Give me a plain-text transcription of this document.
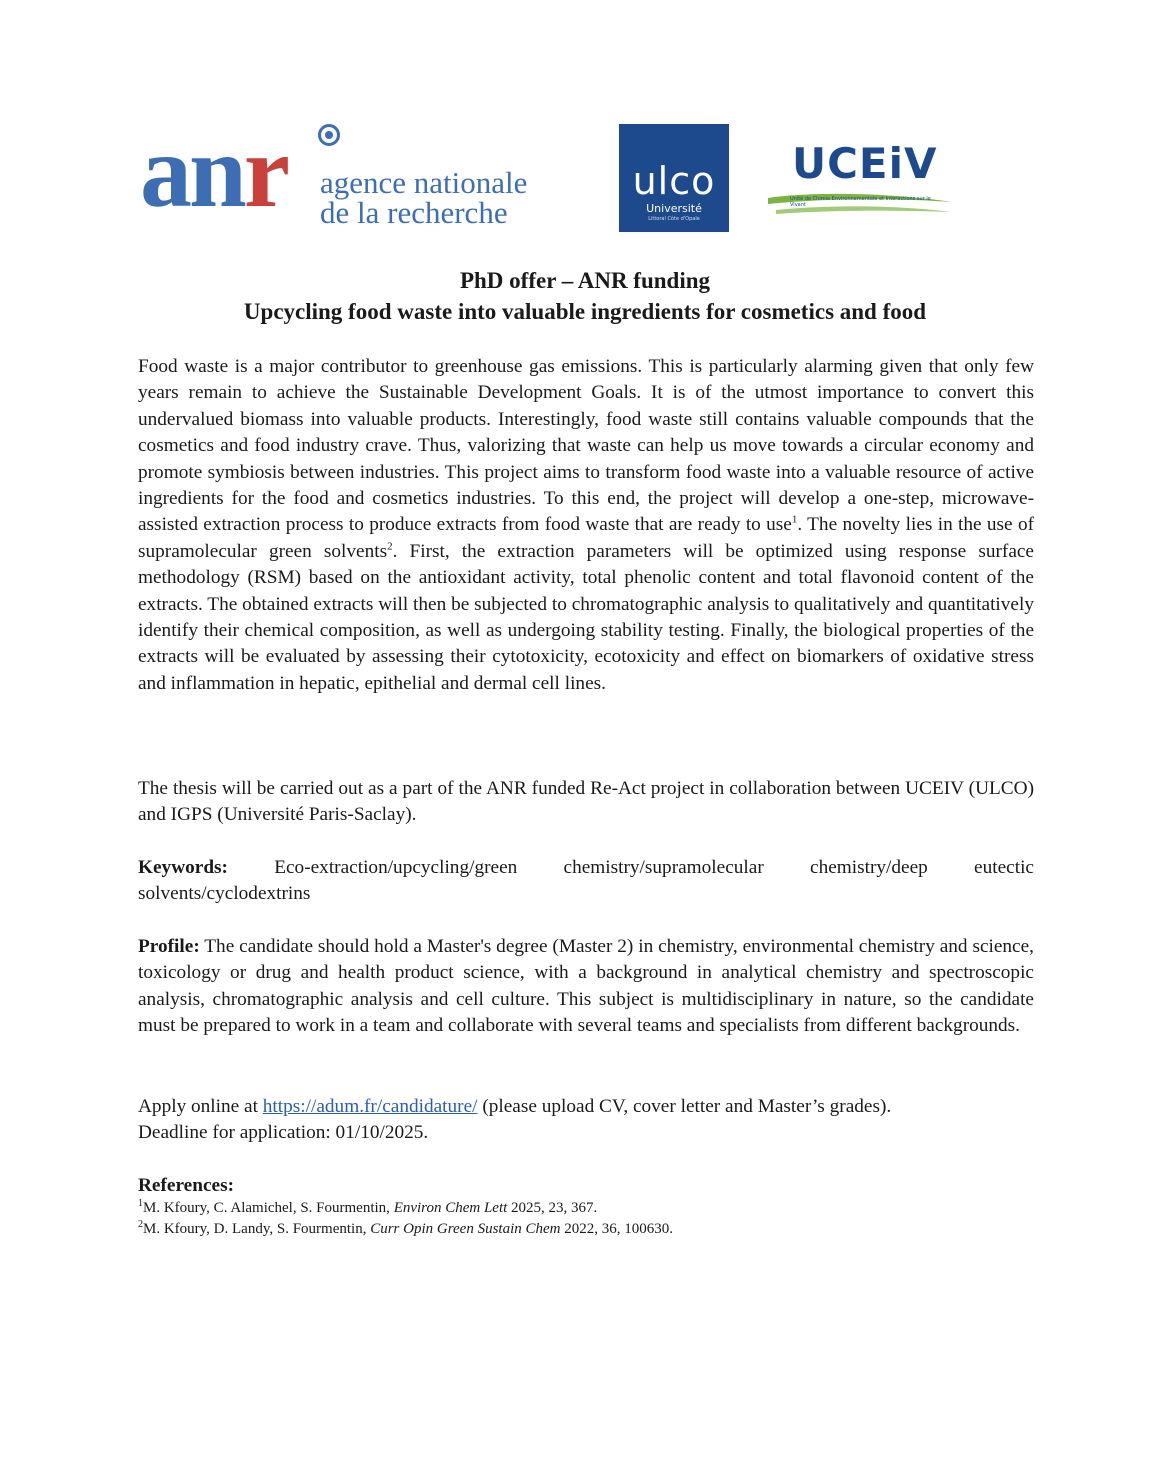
anr agence nationale
de la recherche
ulco
Université
Littoral Côte d'Opale
UCEiV
Unité de Chimie Environnementale et Interactions sur le Vivant
PhD offer – ANR funding
Upcycling food waste into valuable ingredients for cosmetics and food
Food waste is a major contributor to greenhouse gas emissions. This is particularly alarming given that only few years remain to achieve the Sustainable Development Goals. It is of the utmost importance to convert this undervalued biomass into valuable products. Interestingly, food waste still contains valuable compounds that the cosmetics and food industry crave. Thus, valorizing that waste can help us move towards a circular economy and promote symbiosis between industries. This project aims to transform food waste into a valuable resource of active ingredients for the food and cosmetics industries. To this end, the project will develop a one-step, microwave-assisted extraction process to produce extracts from food waste that are ready to use$^1$. The novelty lies in the use of supramolecular green solvents$^2$. First, the extraction parameters will be optimized using response surface methodology (RSM) based on the antioxidant activity, total phenolic content and total flavonoid content of the extracts. The obtained extracts will then be subjected to chromatographic analysis to qualitatively and quantitatively identify their chemical composition, as well as undergoing stability testing. Finally, the biological properties of the extracts will be evaluated by assessing their cytotoxicity, ecotoxicity and effect on biomarkers of oxidative stress and inflammation in hepatic, epithelial and dermal cell lines.
The thesis will be carried out as a part of the ANR funded Re-Act project in collaboration between UCEIV (ULCO) and IGPS (Université Paris-Saclay).
Keywords: Eco-extraction/upcycling/green chemistry/supramolecular chemistry/deep eutectic solvents/cyclodextrins
Profile: The candidate should hold a Master's degree (Master 2) in chemistry, environmental chemistry and science, toxicology or drug and health product science, with a background in analytical chemistry and spectroscopic analysis, chromatographic analysis and cell culture. This subject is multidisciplinary in nature, so the candidate must be prepared to work in a team and collaborate with several teams and specialists from different backgrounds.
Apply online at https://adum.fr/candidature/ (please upload CV, cover letter and Master’s grades).
Deadline for application: 01/10/2025.
References:
$^1$M. Kfoury, C. Alamichel, S. Fourmentin, Environ Chem Lett 2025, 23, 367.
$^2$M. Kfoury, D. Landy, S. Fourmentin, Curr Opin Green Sustain Chem 2022, 36, 100630.
